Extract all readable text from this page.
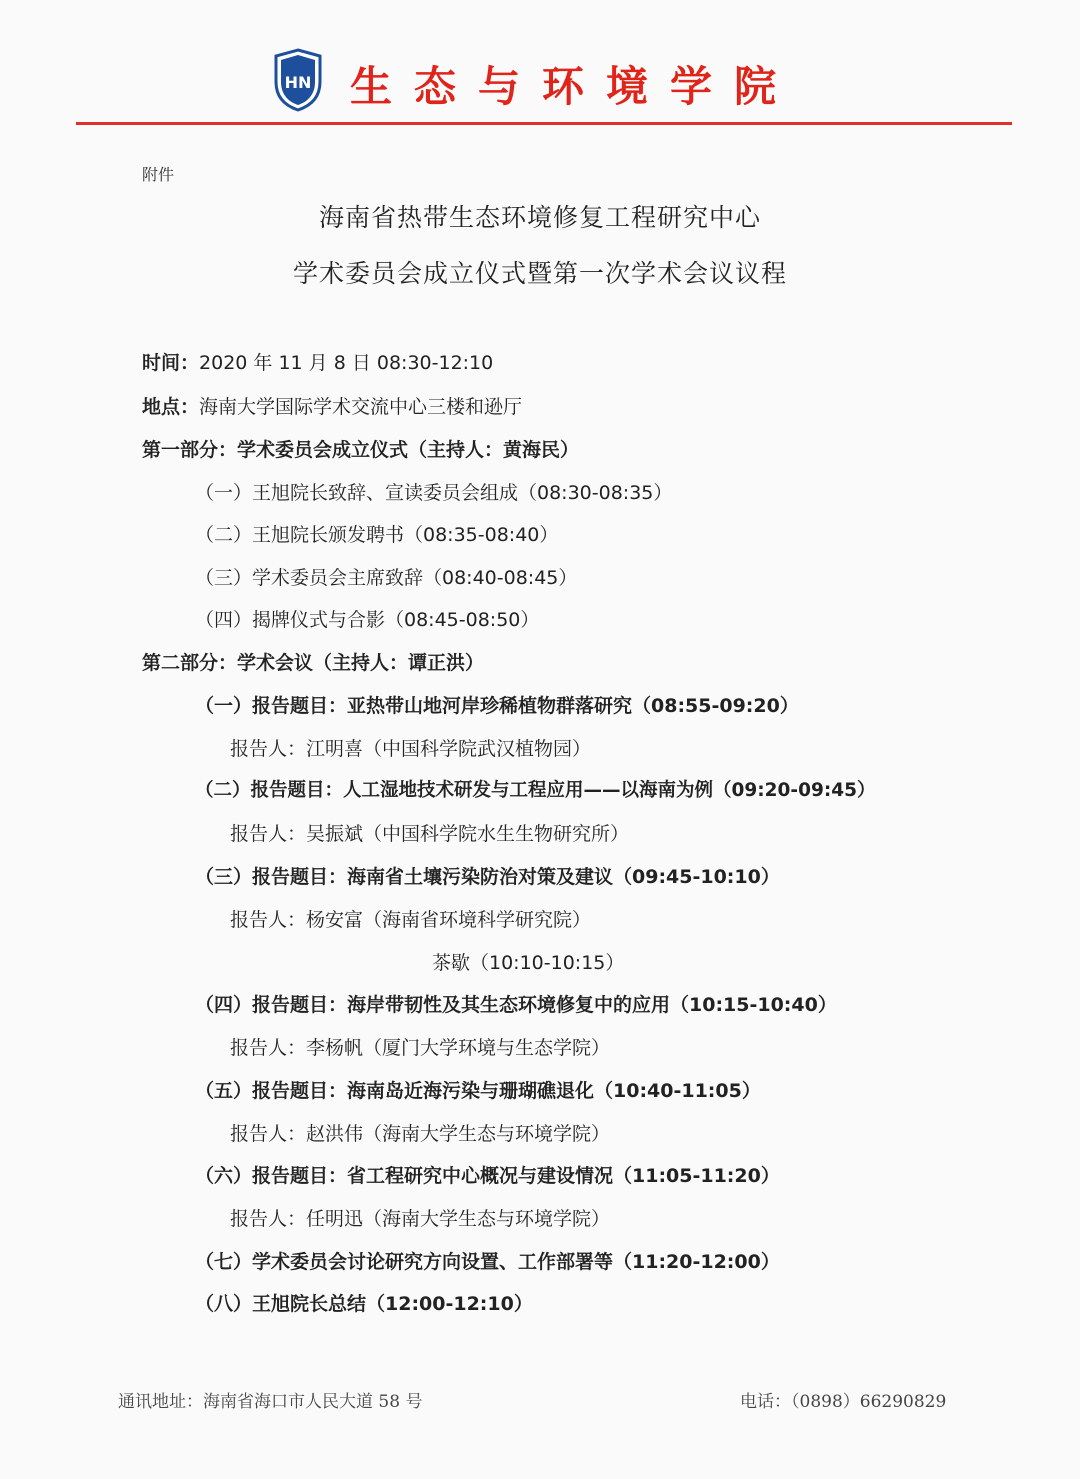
HN 生态与环境学院
附件
海南省热带生态环境修复工程研究中心
学术委员会成立仪式暨第一次学术会议议程
时间：2020 年 11 月 8 日 08:30-12:10
地点：海南大学国际学术交流中心三楼和逊厅
第一部分：学术委员会成立仪式（主持人：黄海民）
（一）王旭院长致辞、宣读委员会组成（08:30-08:35）
（二）王旭院长颁发聘书（08:35-08:40）
（三）学术委员会主席致辞（08:40-08:45）
（四）揭牌仪式与合影（08:45-08:50）
第二部分：学术会议（主持人：谭正洪）
（一）报告题目：亚热带山地河岸珍稀植物群落研究（08:55-09:20）
报告人：江明喜（中国科学院武汉植物园）
（二）报告题目：人工湿地技术研发与工程应用——以海南为例（09:20-09:45）
报告人：吴振斌（中国科学院水生生物研究所）
（三）报告题目：海南省土壤污染防治对策及建议（09:45-10:10）
报告人：杨安富（海南省环境科学研究院）
茶歇（10:10-10:15）
（四）报告题目：海岸带韧性及其生态环境修复中的应用（10:15-10:40）
报告人：李杨帆（厦门大学环境与生态学院）
（五）报告题目：海南岛近海污染与珊瑚礁退化（10:40-11:05）
报告人：赵洪伟（海南大学生态与环境学院）
（六）报告题目：省工程研究中心概况与建设情况（11:05-11:20）
报告人：任明迅（海南大学生态与环境学院）
（七）学术委员会讨论研究方向设置、工作部署等（11:20-12:00）
（八）王旭院长总结（12:00-12:10）
通讯地址：海南省海口市人民大道 58 号	电话：（0898）66290829
